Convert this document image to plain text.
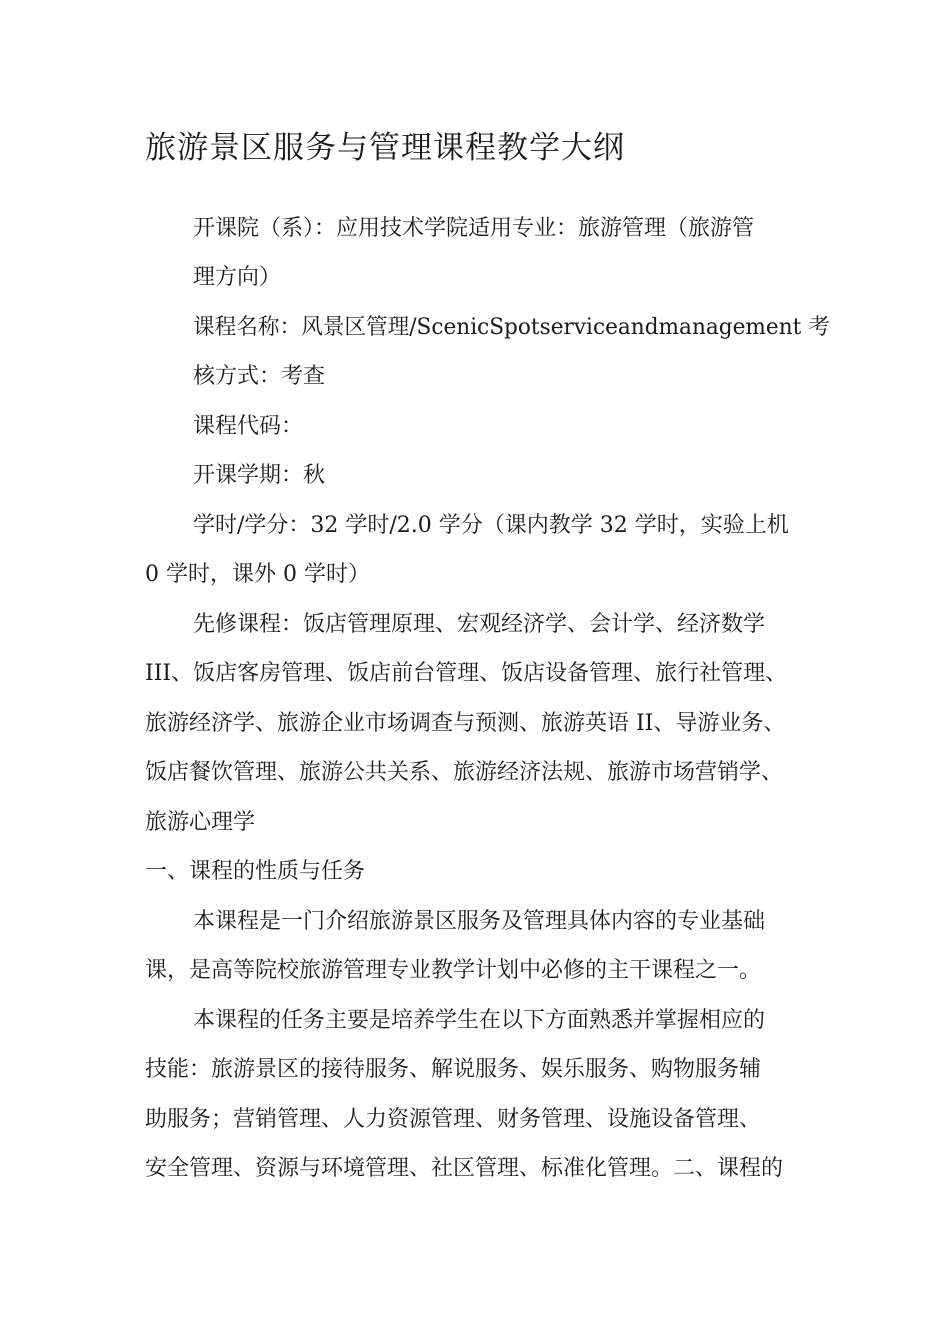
旅游景区服务与管理课程教学大纲

开课院（系）：应用技术学院适用专业：旅游管理（旅游管

理方向）

课程名称：风景区管理/ScenicSpotserviceandmanagement 考

核方式：考查

课程代码：

开课学期：秋

学时/学分：32 学时/2.0 学分（课内教学 32 学时，实验上机

0 学时，课外 0 学时）

先修课程：饭店管理原理、宏观经济学、会计学、经济数学

III、饭店客房管理、饭店前台管理、饭店设备管理、旅行社管理、

旅游经济学、旅游企业市场调查与预测、旅游英语 II、导游业务、

饭店餐饮管理、旅游公共关系、旅游经济法规、旅游市场营销学、

旅游心理学

一、课程的性质与任务

本课程是一门介绍旅游景区服务及管理具体内容的专业基础

课，是高等院校旅游管理专业教学计划中必修的主干课程之一。

本课程的任务主要是培养学生在以下方面熟悉并掌握相应的

技能：旅游景区的接待服务、解说服务、娱乐服务、购物服务辅

助服务；营销管理、人力资源管理、财务管理、设施设备管理、

安全管理、资源与环境管理、社区管理、标准化管理。二、课程的
